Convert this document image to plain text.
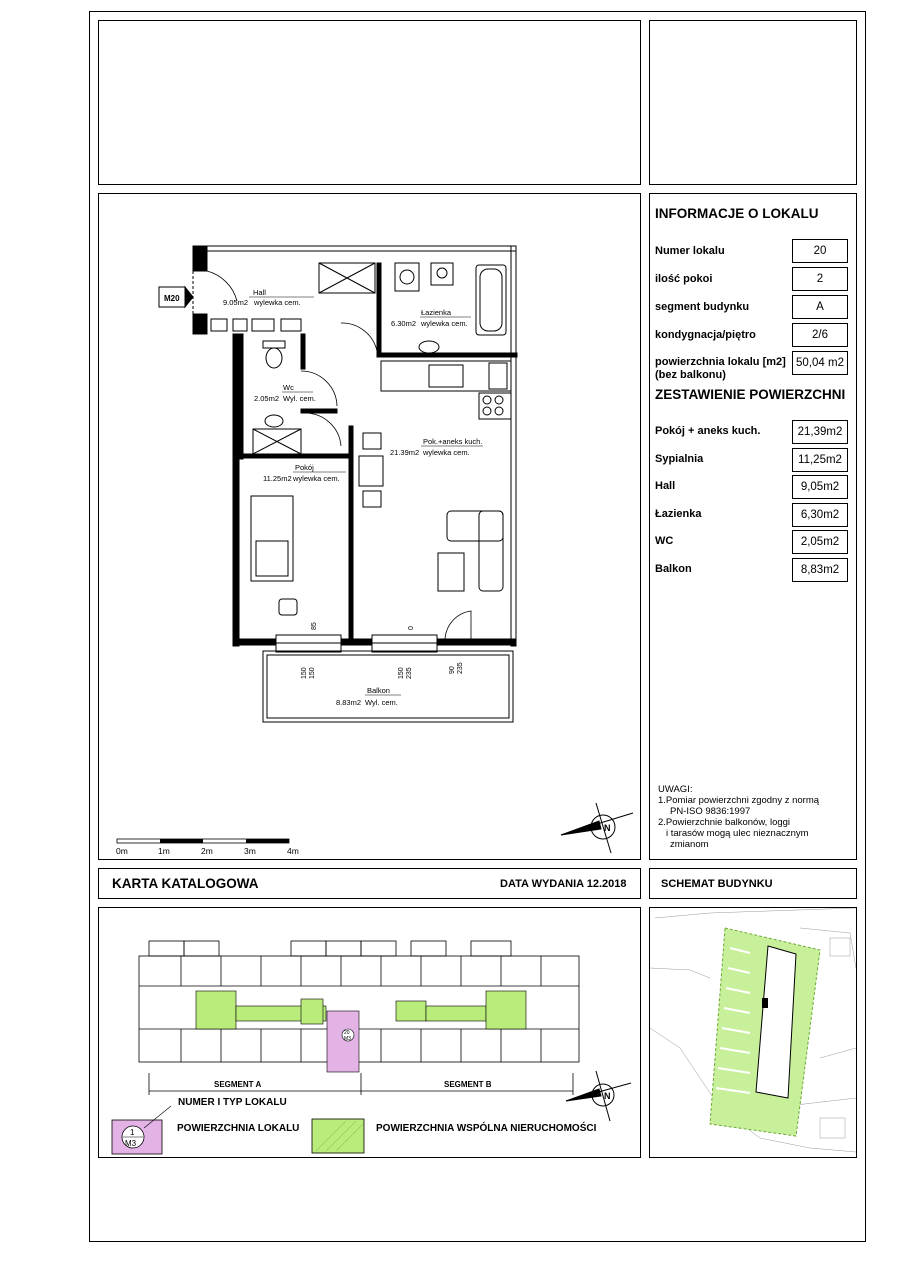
Hall
9.05m2 wylewka cem.
Łazienka
6.30m2 wylewka cem.
Wc
2.05m2 Wyl. cem.
Pok.+aneks kuch.
21.39m2 wylewka cem.
Pokój
11.25m2 wylewka cem.
Balkon
8.83m2 Wyl. cem.
M20
85	0
150 150	150 235	90 235
0m	1m	2m	3m	4m
N
INFORMACJE O LOKALU
Numer lokalu	20
ilość pokoi	2
segment budynku	A
kondygnacja/piętro	2/6
powierzchnia lokalu [m2]
(bez balkonu)
50,04 m2
ZESTAWIENIE POWIERZCHNI
Pokój + aneks kuch.	21,39m2
Sypialnia	11,25m2
Hall	9,05m2
Łazienka	6,30m2
WC	2,05m2
Balkon	8,83m2
UWAGI:
1.Pomiar powierzchni zgodny z normą
PN-ISO 9836:1997
2.Powierzchnie balkonów, loggi
i tarasów mogą ulec nieznacznym
zmianom
KARTA KATALOGOWA	DATA WYDANIA 12.2018	SCHEMAT BUDYNKU
20
M3
SEGMENT A	SEGMENT B
N
1
M3
NUMER I TYP LOKALU
POWIERZCHNIA LOKALU	POWIERZCHNIA WSPÓLNA NIERUCHOMOŚCI
